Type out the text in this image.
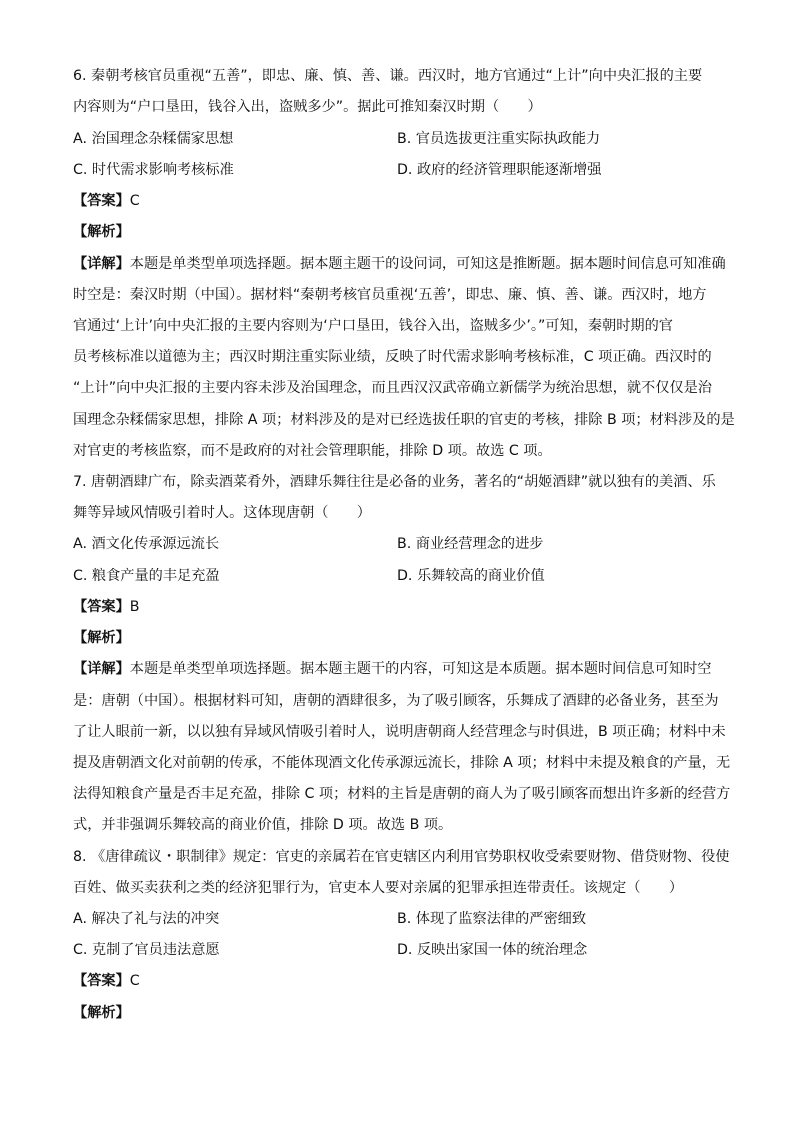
6. 秦朝考核官员重视“五善”，即忠、廉、慎、善、谦。西汉时，地方官通过“上计”向中央汇报的主要
内容则为“户口垦田，钱谷入出，盗贼多少”。据此可推知秦汉时期（　　）
A. 治国理念杂糅儒家思想	B. 官员选拔更注重实际执政能力
C. 时代需求影响考核标准	D. 政府的经济管理职能逐渐增强
【答案】C
【解析】
【详解】本题是单类型单项选择题。据本题主题干的设问词，可知这是推断题。据本题时间信息可知准确
时空是：秦汉时期（中国）。据材料“秦朝考核官员重视‘五善’，即忠、廉、慎、善、谦。西汉时，地方
官通过‘上计’向中央汇报的主要内容则为‘户口垦田，钱谷入出，盗贼多少’。”可知，秦朝时期的官
员考核标准以道德为主；西汉时期注重实际业绩，反映了时代需求影响考核标准，C 项正确。西汉时的
“上计”向中央汇报的主要内容未涉及治国理念，而且西汉汉武帝确立新儒学为统治思想，就不仅仅是治
国理念杂糅儒家思想，排除 A 项；材料涉及的是对已经选拔任职的官吏的考核，排除 B 项；材料涉及的是
对官吏的考核监察，而不是政府的对社会管理职能，排除 D 项。故选 C 项。
7. 唐朝酒肆广布，除卖酒菜肴外，酒肆乐舞往往是必备的业务，著名的“胡姬酒肆”就以独有的美酒、乐
舞等异域风情吸引着时人。这体现唐朝（　　）
A. 酒文化传承源远流长	B. 商业经营理念的进步
C. 粮食产量的丰足充盈	D. 乐舞较高的商业价值
【答案】B
【解析】
【详解】本题是单类型单项选择题。据本题主题干的内容，可知这是本质题。据本题时间信息可知时空
是：唐朝（中国）。根据材料可知，唐朝的酒肆很多，为了吸引顾客，乐舞成了酒肆的必备业务，甚至为
了让人眼前一新，以以独有异域风情吸引着时人，说明唐朝商人经营理念与时俱进，B 项正确；材料中未
提及唐朝酒文化对前朝的传承，不能体现酒文化传承源远流长，排除 A 项；材料中未提及粮食的产量，无
法得知粮食产量是否丰足充盈，排除 C 项；材料的主旨是唐朝的商人为了吸引顾客而想出许多新的经营方
式，并非强调乐舞较高的商业价值，排除 D 项。故选 B 项。
8. 《唐律疏议・职制律》规定：官吏的亲属若在官吏辖区内利用官势职权收受索要财物、借贷财物、役使
百姓、做买卖获利之类的经济犯罪行为，官吏本人要对亲属的犯罪承担连带责任。该规定（　　）
A. 解决了礼与法的冲突	B. 体现了监察法律的严密细致
C. 克制了官员违法意愿	D. 反映出家国一体的统治理念
【答案】C
【解析】
